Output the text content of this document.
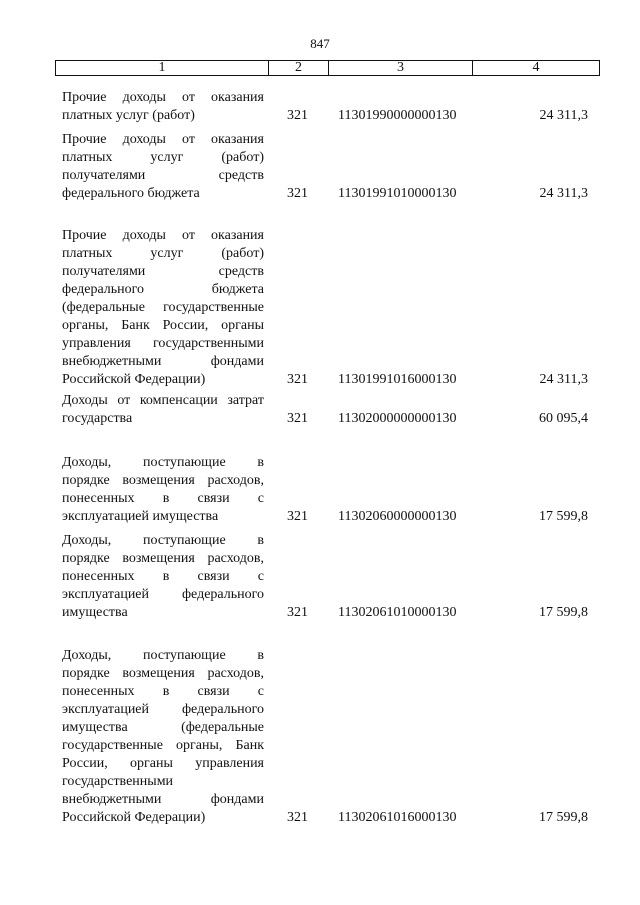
847
1	2	3	4
Прочие доходы от оказания
платных услуг (работ)	321	11301990000000130	24 311,3
Прочие доходы от оказания
платных услуг (работ)
получателями средств
федерального бюджета	321	11301991010000130	24 311,3
Прочие доходы от оказания
платных услуг (работ)
получателями средств
федерального бюджета
(федеральные государственные
органы, Банк России, органы
управления государственными
внебюджетными фондами
Российской Федерации)	321	11301991016000130	24 311,3
Доходы от компенсации затрат
государства	321	11302000000000130	60 095,4
Доходы, поступающие в
порядке возмещения расходов,
понесенных в связи с
эксплуатацией имущества	321	11302060000000130	17 599,8
Доходы, поступающие в
порядке возмещения расходов,
понесенных в связи с
эксплуатацией федерального
имущества	321	11302061010000130	17 599,8
Доходы, поступающие в
порядке возмещения расходов,
понесенных в связи с
эксплуатацией федерального
имущества (федеральные
государственные органы, Банк
России, органы управления
государственными
внебюджетными фондами
Российской Федерации)	321	11302061016000130	17 599,8
